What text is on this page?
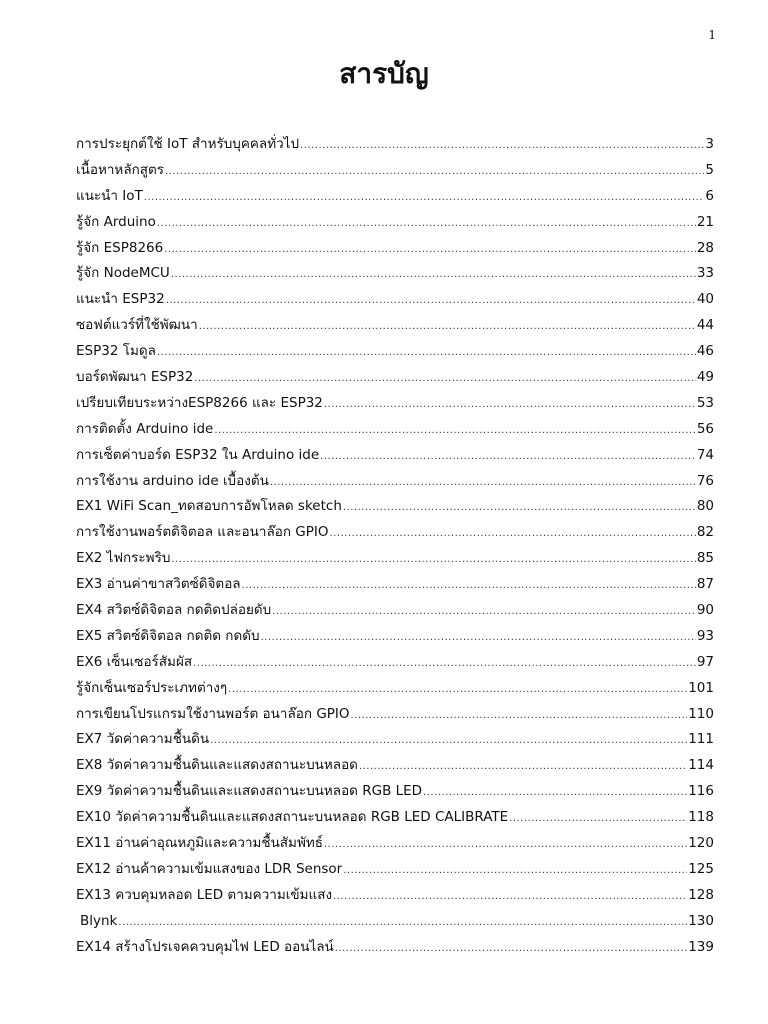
1
สารบัญ
การประยุกต์ใช้ IoT สำหรับบุคคลทั่วไป .....	3
เนื้อหาหลักสูตร .....	5
แนะนำ IoT .....	6
รู้จัก Arduino .....	21
รู้จัก ESP8266 .....	28
รู้จัก NodeMCU .....	33
แนะนำ ESP32 .....	40
ซอฟต์แวร์ที่ใช้พัฒนา .....	44
ESP32 โมดูล .....	46
บอร์ดพัฒนา ESP32 .....	49
เปรียบเทียบระหว่างESP8266 และ ESP32 .....	53
การติดตั้ง Arduino ide .....	56
การเซ็ตค่าบอร์ด ESP32 ใน Arduino ide .....	74
การใช้งาน arduino ide เบื้องต้น .....	76
EX1 WiFi Scan_ทดสอบการอัพโหลด sketch .....	80
การใช้งานพอร์ตดิจิตอล และอนาล๊อก GPIO .....	82
EX2 ไฟกระพริบ .....	85
EX3 อ่านค่าขาสวิตซ์ดิจิตอล .....	87
EX4 สวิตซ์ดิจิตอล กดติดปล่อยดับ .....	90
EX5 สวิตซ์ดิจิตอล กดติด กดดับ .....	93
EX6 เซ็นเซอร์สัมผัส .....	97
รู้จักเซ็นเซอร์ประเภทต่างๆ .....	101
การเขียนโปรแกรมใช้งานพอร์ต อนาล๊อก GPIO .....	110
EX7 วัดค่าความชื้นดิน .....	111
EX8 วัดค่าความชื้นดินและแสดงสถานะบนหลอด .....	114
EX9 วัดค่าความชื้นดินและแสดงสถานะบนหลอด RGB LED .....	116
EX10 วัดค่าความชื้นดินและแสดงสถานะบนหลอด RGB LED CALIBRATE .....	118
EX11 อ่านค่าอุณหภูมิและความชื้นสัมพัทธ์ .....	120
EX12 อ่านค้าความเข้มแสงของ LDR Sensor .....	125
EX13 ควบคุมหลอด LED ตามความเข้มแสง .....	128
Blynk .....	130
EX14 สร้างโปรเจคควบคุมไฟ LED ออนไลน์ .....	139
